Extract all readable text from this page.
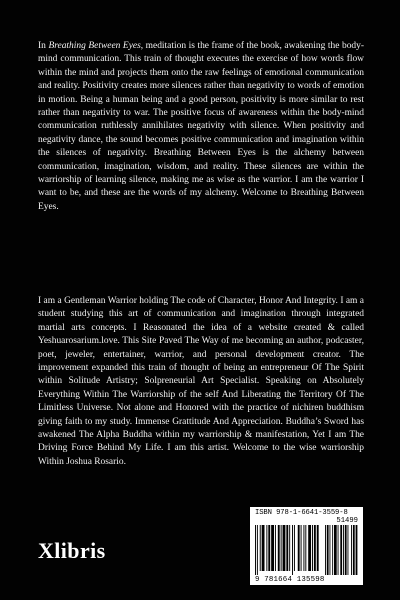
In Breathing Between Eyes, meditation is the frame of the book, awakening the body-mind communication. This train of thought executes the exercise of how words flow within the mind and projects them onto the raw feelings of emotional communication and reality. Positivity creates more silences rather than negativity to words of emotion in motion. Being a human being and a good person, positivity is more similar to rest rather than negativity to war. The positive focus of awareness within the body-mind communication ruthlessly annihilates negativity with silence. When positivity and negativity dance, the sound becomes positive communication and imagination within the silences of negativity. Breathing Between Eyes is the alchemy between communication, imagination, wisdom, and reality. These silences are within the warriorship of learning silence, making me as wise as the warrior. I am the warrior I want to be, and these are the words of my alchemy. Welcome to Breathing Between Eyes.

I am a Gentleman Warrior holding The code of Character, Honor And Integrity. I am a student studying this art of communication and imagination through integrated martial arts concepts. I Reasonated the idea of a website created & called Yeshuarosarium.love. This Site Paved The Way of me becoming an author, podcaster, poet, jeweler, entertainer, warrior, and personal development creator. The improvement expanded this train of thought of being an entrepreneur Of The Spirit within Solitude Artistry; Solpreneurial Art Specialist. Speaking on Absolutely Everything Within The Warriorship of the self And Liberating the Territory Of The Limitless Universe. Not alone and Honored with the practice of nichiren buddhism giving faith to my study. Immense Grattitude And Appreciation. Buddha’s Sword has awakened The Alpha Buddha within my warriorship & manifestation, Yet I am The Driving Force Behind My Life. I am this artist. Welcome to the wise warriorship Within Joshua Rosario.

Xlibris
ISBN 978-1-6641-3559-8
51499
9 781664 135598
